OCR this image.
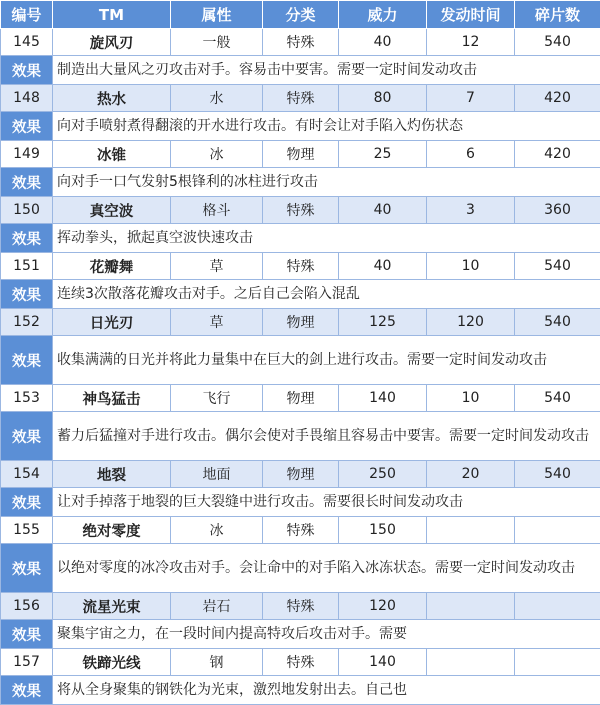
编号	TM	属性	分类	威力	发动时间	碎片数
145	旋风刃	一般	特殊	40	12	540
效果	制造出大量风之刃攻击对手。容易击中要害。需要一定时间发动攻击					
148	热水	水	特殊	80	7	420
效果	向对手喷射煮得翻滚的开水进行攻击。有时会让对手陷入灼伤状态					
149	冰锥	冰	物理	25	6	420
效果	向对手一口气发射5根锋利的冰柱进行攻击					
150	真空波	格斗	特殊	40	3	360
效果	挥动拳头，掀起真空波快速攻击					
151	花瓣舞	草	特殊	40	10	540
效果	连续3次散落花瓣攻击对手。之后自己会陷入混乱					
152	日光刃	草	物理	125	120	540
效果	收集满满的日光并将此力量集中在巨大的剑上进行攻击。需要一定时间发动攻击					
153	神鸟猛击	飞行	物理	140	10	540
效果	蓄力后猛撞对手进行攻击。偶尔会使对手畏缩且容易击中要害。需要一定时间发动攻击					
154	地裂	地面	物理	250	20	540
效果	让对手掉落于地裂的巨大裂缝中进行攻击。需要很长时间发动攻击					
155	绝对零度	冰	特殊	150		
效果	以绝对零度的冰冷攻击对手。会让命中的对手陷入冰冻状态。需要一定时间发动攻击					
156	流星光束	岩石	特殊	120		
效果	聚集宇宙之力，在一段时间内提高特攻后攻击对手。需要					
157	铁蹄光线	钢	特殊	140		
效果	将从全身聚集的钢铁化为光束，激烈地发射出去。自己也					
